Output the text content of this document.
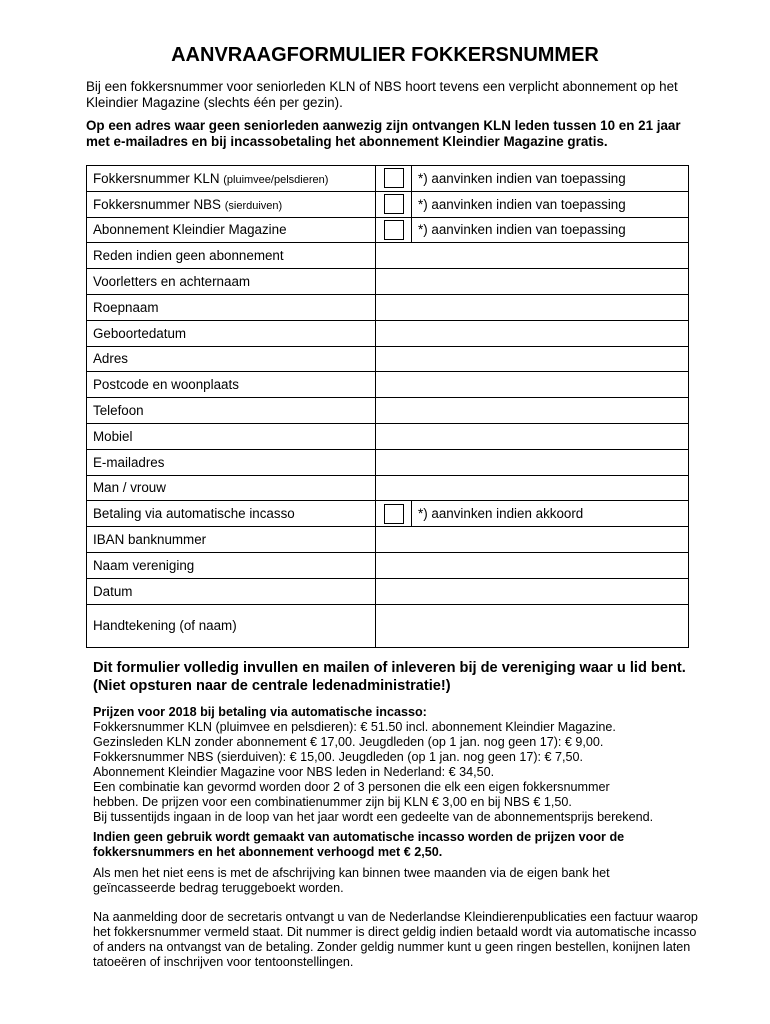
AANVRAAGFORMULIER FOKKERSNUMMER

Bij een fokkersnummer voor seniorleden KLN of NBS hoort tevens een verplicht abonnement op het Kleindier Magazine (slechts één per gezin).

Op een adres waar geen seniorleden aanwezig zijn ontvangen KLN leden tussen 10 en 21 jaar met e-mailadres en bij incassobetaling het abonnement Kleindier Magazine gratis.

Fokkersnummer KLN (pluimvee/pelsdieren)		*) aanvinken indien van toepassing
Fokkersnummer NBS (sierduiven)		*) aanvinken indien van toepassing
Abonnement Kleindier Magazine		*) aanvinken indien van toepassing
Reden indien geen abonnement		
Voorletters en achternaam		
Roepnaam		
Geboortedatum		
Adres		
Postcode en woonplaats		
Telefoon		
Mobiel		
E-mailadres		
Man / vrouw		
Betaling via automatische incasso		*) aanvinken indien akkoord
IBAN banknummer		
Naam vereniging		
Datum		
Handtekening (of naam)		

Dit formulier volledig invullen en mailen of inleveren bij de vereniging waar u lid bent. (Niet opsturen naar de centrale ledenadministratie!)

Prijzen voor 2018 bij betaling via automatische incasso:
Fokkersnummer KLN (pluimvee en pelsdieren): € 51.50 incl. abonnement Kleindier Magazine.
Gezinsleden KLN zonder abonnement € 17,00. Jeugdleden (op 1 jan. nog geen 17): € 9,00.
Fokkersnummer NBS (sierduiven): € 15,00. Jeugdleden (op 1 jan. nog geen 17): € 7,50.
Abonnement Kleindier Magazine voor NBS leden in Nederland: € 34,50.
Een combinatie kan gevormd worden door 2 of 3 personen die elk een eigen fokkersnummer
hebben. De prijzen voor een combinatienummer zijn bij KLN € 3,00 en bij NBS € 1,50.
Bij tussentijds ingaan in de loop van het jaar wordt een gedeelte van de abonnementsprijs berekend.

Indien geen gebruik wordt gemaakt van automatische incasso worden de prijzen voor de fokkersnummers en het abonnement verhoogd met € 2,50.

Als men het niet eens is met de afschrijving kan binnen twee maanden via de eigen bank het geïncasseerde bedrag teruggeboekt worden.

Na aanmelding door de secretaris ontvangt u van de Nederlandse Kleindierenpublicaties een factuur waarop het fokkersnummer vermeld staat. Dit nummer is direct geldig indien betaald wordt via automatische incasso of anders na ontvangst van de betaling. Zonder geldig nummer kunt u geen ringen bestellen, konijnen laten tatoeëren of inschrijven voor tentoonstellingen.
